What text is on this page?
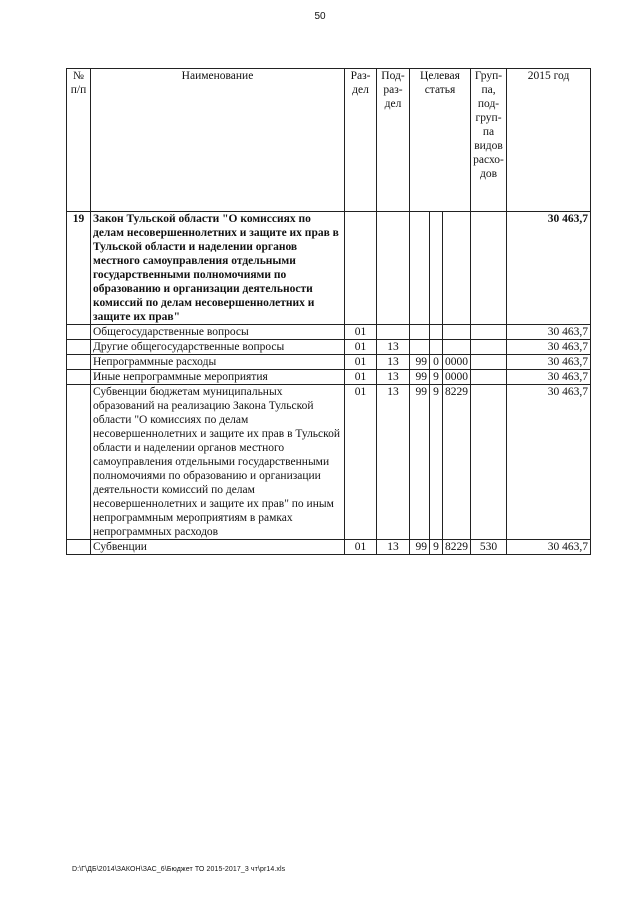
50
№ п/п	Наименование	Раз-дел	Под-раз-дел	Целевая статья			Груп-па, под-груп-па видов расхо-дов	2015 год
19	Закон Тульской области "О комиссиях по делам несовершеннолетних и защите их прав в Тульской области и наделении органов местного самоуправления отдельными государственными полномочиями по образованию и организации деятельности комиссий по делам несовершеннолетних и защите их прав"							30 463,7
	Общегосударственные вопросы	01						30 463,7
	Другие общегосударственные вопросы	01	13					30 463,7
	Непрограммные расходы	01	13	99	0	0000		30 463,7
	Иные непрограммные мероприятия	01	13	99	9	0000		30 463,7
	Субвенции бюджетам муниципальных образований на реализацию Закона Тульской области "О комиссиях по делам несовершеннолетних и защите их прав в Тульской области и наделении органов местного самоуправления отдельными государственными полномочиями по образованию и организации деятельности комиссий по делам несовершеннолетних и защите их прав" по иным непрограммным мероприятиям в рамках непрограммных расходов	01	13	99	9	8229		30 463,7
	Субвенции	01	13	99	9	8229	530	30 463,7
D:\Г\ДБ\2014\ЗАКОН\ЗАС_6\Бюджет ТО 2015-2017_3 чт\pr14.xls
